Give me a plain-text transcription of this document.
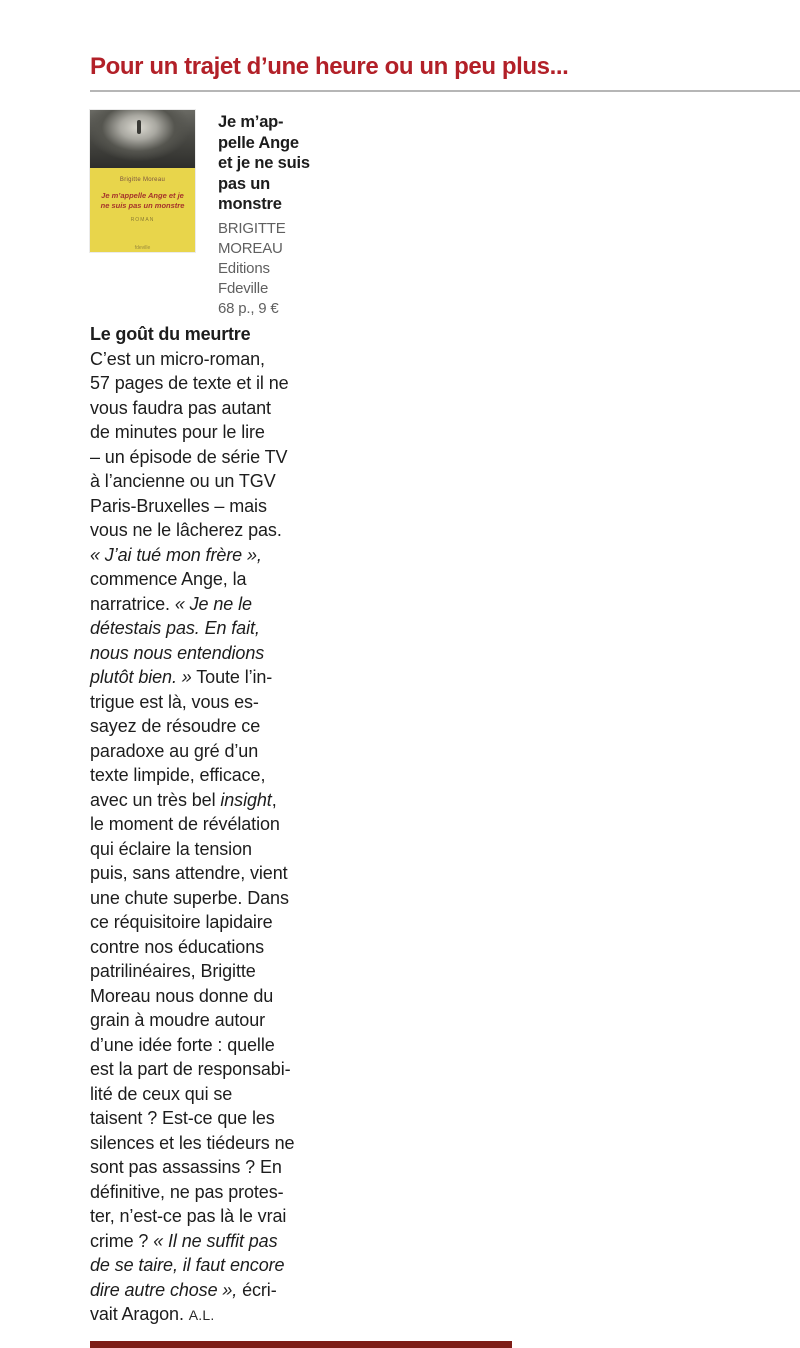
Pour un trajet d’une heure ou un peu plus...
Brigitte Moreau
Je m’appelle Ange et je ne suis pas un monstre
ROMAN
fdeville
Je m’ap-
pelle Ange
et je ne suis
pas un
monstre
BRIGITTE
MOREAU
Editions
Fdeville
68 p., 9 €
Le goût du meurtre
C’est un micro-roman,
57 pages de texte et il ne
vous faudra pas autant
de minutes pour le lire
– un épisode de série TV
à l’ancienne ou un TGV
Paris-Bruxelles – mais
vous ne le lâcherez pas.
« J’ai tué mon frère »,
commence Ange, la
narratrice. « Je ne le
détestais pas. En fait,
nous nous entendions
plutôt bien. » Toute l’in-
trigue est là, vous es-
sayez de résoudre ce
paradoxe au gré d’un
texte limpide, efficace,
avec un très bel insight,
le moment de révélation
qui éclaire la tension
puis, sans attendre, vient
une chute superbe. Dans
ce réquisitoire lapidaire
contre nos éducations
patrilinéaires, Brigitte
Moreau nous donne du
grain à moudre autour
d’une idée forte : quelle
est la part de responsabi-
lité de ceux qui se
taisent ? Est-ce que les
silences et les tiédeurs ne
sont pas assassins ? En
définitive, ne pas protes-
ter, n’est-ce pas là le vrai
crime ? « Il ne suffit pas
de se taire, il faut encore
dire autre chose », écri-
vait Aragon. A.L.
